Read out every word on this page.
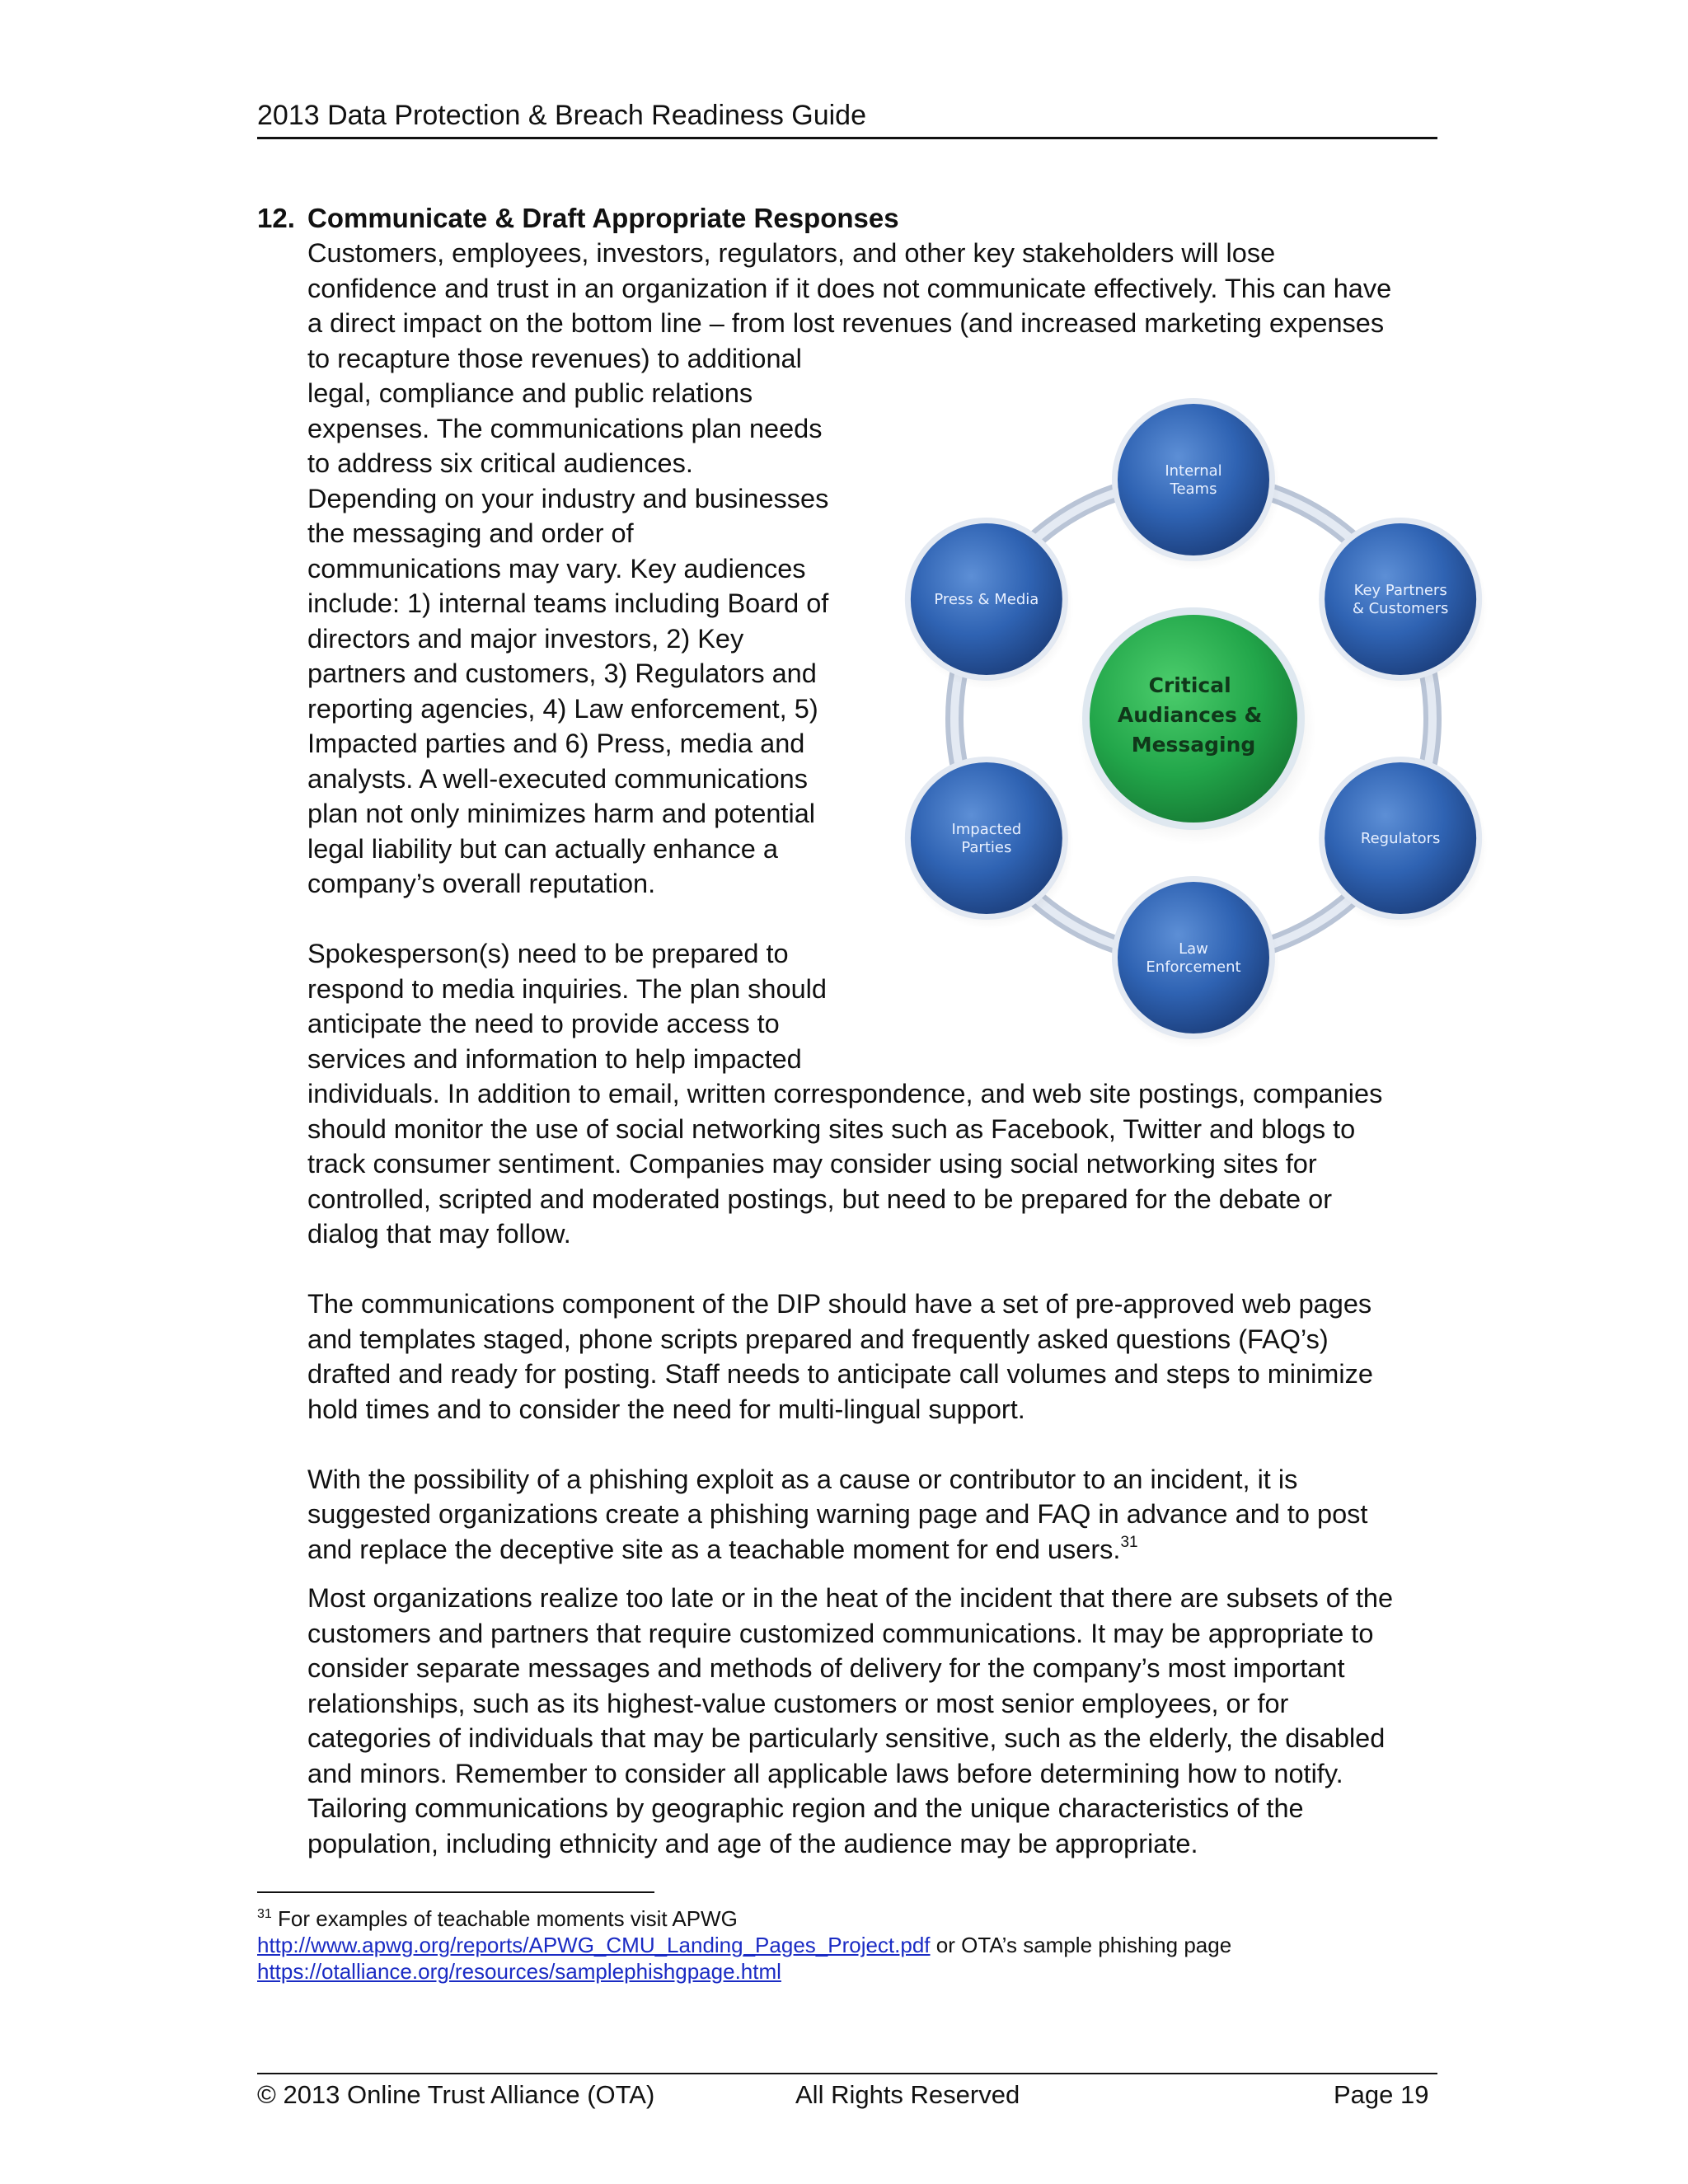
2013 Data Protection & Breach Readiness Guide
12. Communicate & Draft Appropriate Responses
Customers, employees, investors, regulators, and other key stakeholders will lose
confidence and trust in an organization if it does not communicate effectively. This can have
a direct impact on the bottom line – from lost revenues (and increased marketing expenses
to recapture those revenues) to additional
legal, compliance and public relations
expenses. The communications plan needs
to address six critical audiences.
Depending on your industry and businesses
the messaging and order of
communications may vary. Key audiences
include: 1) internal teams including Board of
directors and major investors, 2) Key
partners and customers, 3) Regulators and
reporting agencies, 4) Law enforcement, 5)
Impacted parties and 6) Press, media and
analysts. A well-executed communications
plan not only minimizes harm and potential
legal liability but can actually enhance a
company’s overall reputation.
Spokesperson(s) need to be prepared to
respond to media inquiries. The plan should
anticipate the need to provide access to
services and information to help impacted
individuals. In addition to email, written correspondence, and web site postings, companies
should monitor the use of social networking sites such as Facebook, Twitter and blogs to
track consumer sentiment. Companies may consider using social networking sites for
controlled, scripted and moderated postings, but need to be prepared for the debate or
dialog that may follow.
The communications component of the DIP should have a set of pre-approved web pages
and templates staged, phone scripts prepared and frequently asked questions (FAQ’s)
drafted and ready for posting. Staff needs to anticipate call volumes and steps to minimize
hold times and to consider the need for multi-lingual support.
With the possibility of a phishing exploit as a cause or contributor to an incident, it is
suggested organizations create a phishing warning page and FAQ in advance and to post
and replace the deceptive site as a teachable moment for end users.$^{31}$
Most organizations realize too late or in the heat of the incident that there are subsets of the
customers and partners that require customized communications. It may be appropriate to
consider separate messages and methods of delivery for the company’s most important
relationships, such as its highest-value customers or most senior employees, or for
categories of individuals that may be particularly sensitive, such as the elderly, the disabled
and minors. Remember to consider all applicable laws before determining how to notify.
Tailoring communications by geographic region and the unique characteristics of the
population, including ethnicity and age of the audience may be appropriate.
Critical Audiances & Messaging
Internal Teams
Key Partners & Customers
Regulators
Law Enforcement
Impacted Parties
Press & Media
$^{31}$ For examples of teachable moments visit APWG
http://www.apwg.org/reports/APWG_CMU_Landing_Pages_Project.pdf or OTA’s sample phishing page
https://otalliance.org/resources/samplephishgpage.html
© 2013 Online Trust Alliance (OTA)	All Rights Reserved	Page 19
